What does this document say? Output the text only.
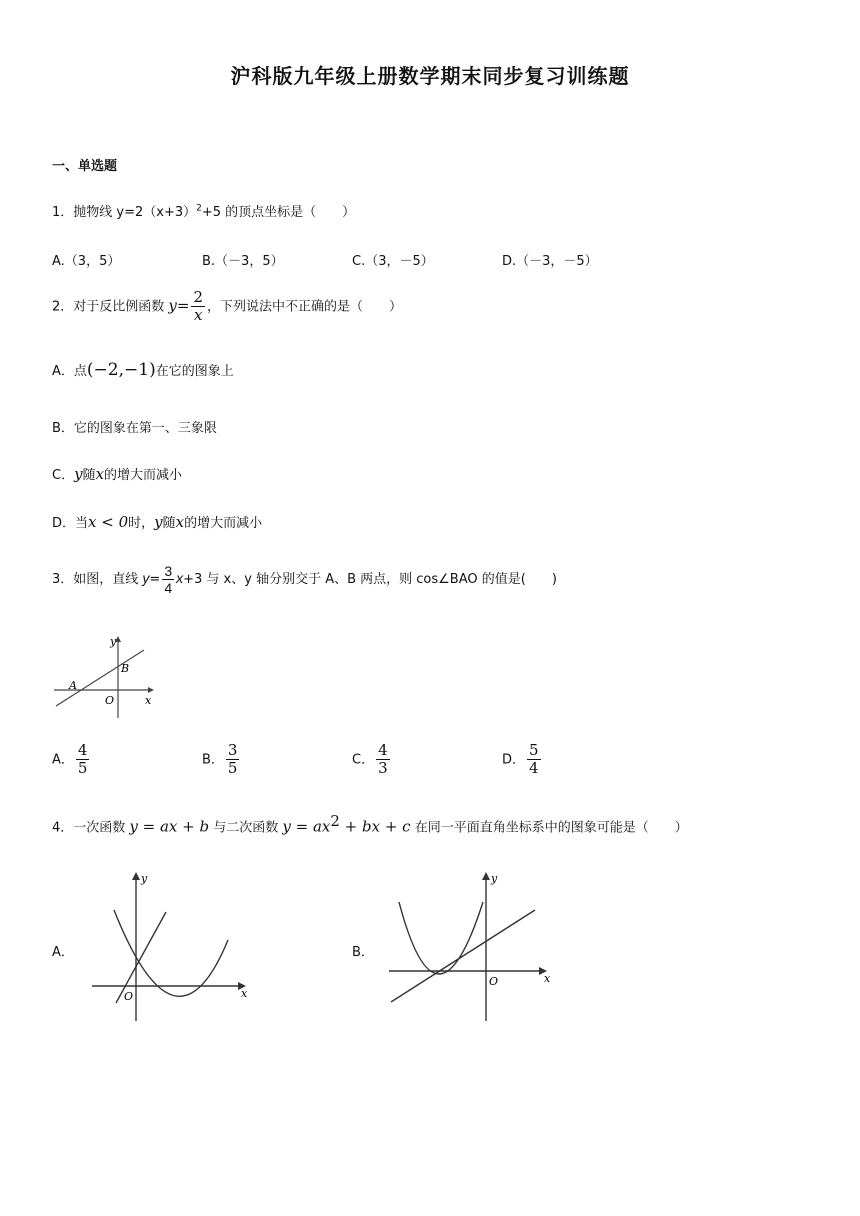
沪科版九年级上册数学期末同步复习训练题
一、单选题
1．抛物线 $y=2(x+3)^2+5$ 的顶点坐标是（　　）
A.（3，5）	B.（－3，5）	C.（3，－5）	D.（－3，－5）
2．对于反比例函数 $y= \frac{2}{x}$ ，下列说法中不正确的是（　　）
A．点(−2,−1)在它的图象上
B．它的图象在第一、三象限
C．y随x的增大而减小
D．当x < 0时，y随x的增大而减小
3．如图，直线 $y= \frac{3}{4} x+3$ 与 x、y 轴分别交于 A、B 两点，则 cos∠BAO 的值是(　　)
y
B
A
O	x
A． $\frac{4}{5}$	B． $\frac{3}{5}$	C． $\frac{4}{3}$	D． $\frac{5}{4}$
4．一次函数 y = ax + b 与二次函数 $y = ax^2$ + bx + c 在同一平面直角坐标系中的图象可能是（　　）
A．	B．
y
O	x
y
O	x
